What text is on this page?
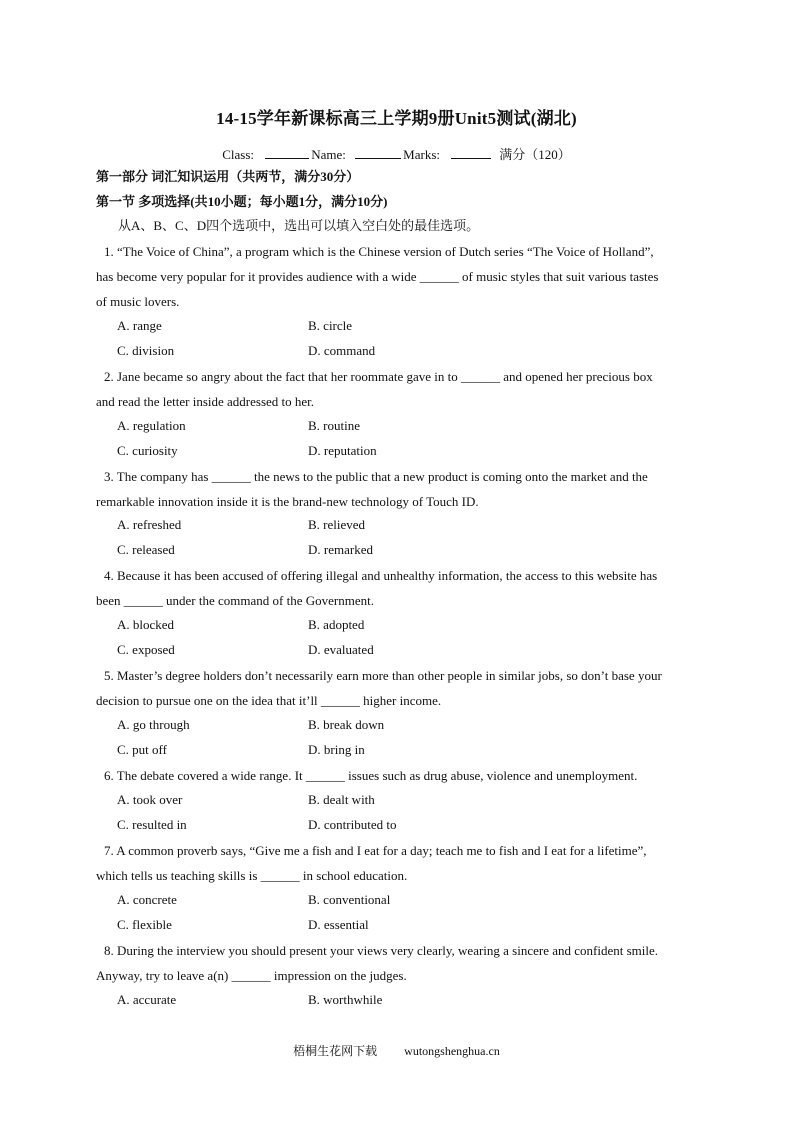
14-15学年新课标高三上学期9册Unit5测试(湖北)
Class:	Name:	Marks:	满分（120）
第一部分 词汇知识运用（共两节，满分30分）
第一节 多项选择(共10小题；每小题1分，满分10分)
从A、B、C、D四个选项中，选出可以填入空白处的最佳选项。
1. “The Voice of China”, a program which is the Chinese version of Dutch series “The Voice of Holland”,
has become very popular for it provides audience with a wide ______ of music styles that suit various tastes
of music lovers.
A. range	B. circle
C. division	D. command
2. Jane became so angry about the fact that her roommate gave in to ______ and opened her precious box
and read the letter inside addressed to her.
A. regulation	B. routine
C. curiosity	D. reputation
3. The company has ______ the news to the public that a new product is coming onto the market and the
remarkable innovation inside it is the brand-new technology of Touch ID.
A. refreshed	B. relieved
C. released	D. remarked
4. Because it has been accused of offering illegal and unhealthy information, the access to this website has
been ______ under the command of the Government.
A. blocked	B. adopted
C. exposed	D. evaluated
5. Master’s degree holders don’t necessarily earn more than other people in similar jobs, so don’t base your
decision to pursue one on the idea that it’ll ______ higher income.
A. go through	B. break down
C. put off	D. bring in
6. The debate covered a wide range. It ______ issues such as drug abuse, violence and unemployment.
A. took over	B. dealt with
C. resulted in	D. contributed to
7. A common proverb says, “Give me a fish and I eat for a day; teach me to fish and I eat for a lifetime”,
which tells us teaching skills is ______ in school education.
A. concrete	B. conventional
C. flexible	D. essential
8. During the interview you should present your views very clearly, wearing a sincere and confident smile.
Anyway, try to leave a(n) ______ impression on the judges.
A. accurate	B. worthwhile
梧桐生花网下载 wutongshenghua.cn
